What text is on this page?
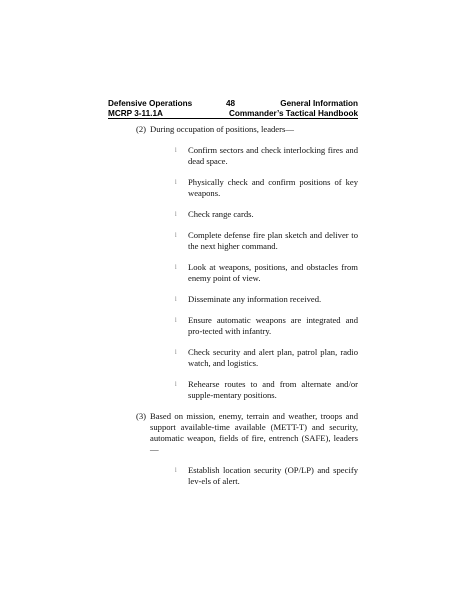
Defensive Operations	48	General Information
MCRP 3-11.1A	Commander’s Tactical Handbook
(2) During occupation of positions, leaders—
l Confirm sectors and check interlocking fires and dead space.
l Physically check and confirm positions of key weapons.
l Check range cards.
l Complete defense fire plan sketch and deliver to the next higher command.
l Look at weapons, positions, and obstacles from enemy point of view.
l Disseminate any information received.
l Ensure automatic weapons are integrated and pro-tected with infantry.
l Check security and alert plan, patrol plan, radio watch, and logistics.
l Rehearse routes to and from alternate and/or supple-mentary positions.
(3) Based on mission, enemy, terrain and weather, troops and support available-time available (METT-T) and security, automatic weapon, fields of fire, entrench (SAFE), leaders—
l Establish location security (OP/LP) and specify lev-els of alert.
